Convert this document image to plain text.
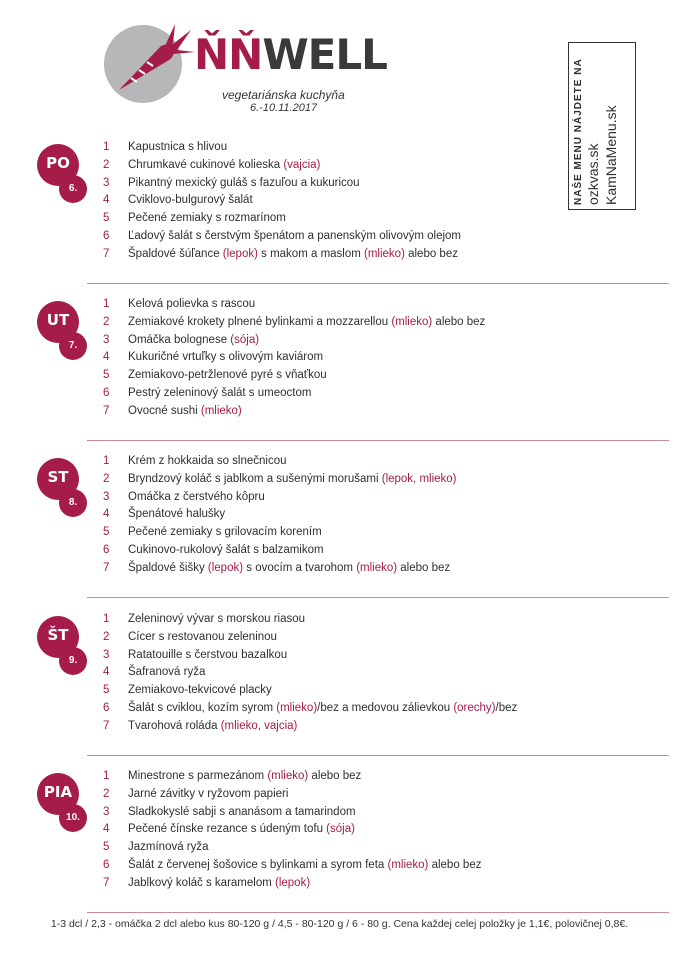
ŇŇWELL
vegetariánska kuchyňa
6.-10.11.2017	NAŠE MENU NÁJDETE NA ozkvas.sk KamNaMenu.sk
PO
6.
1 Kapustnica s hlivou
2 Chrumkavé cukinové kolieska (vajcia)
3 Pikantný mexický guláš s fazuľou a kukuricou
4 Cviklovo-bulgurový šalát
5 Pečené zemiaky s rozmarínom
6 Ľadový šalát s čerstvým špenátom a panenským olivovým olejom
7 Špaldové šúľance (lepok) s makom a maslom (mlieko) alebo bez
UT
7.
1 Kelová polievka s rascou
2 Zemiakové krokety plnené bylinkami a mozzarellou (mlieko) alebo bez
3 Omáčka bolognese (sója)
4 Kukuričné vrtuľky s olivovým kaviárom
5 Zemiakovo-petržlenové pyré s vňaťkou
6 Pestrý zeleninový šalát s umeoctom
7 Ovocné sushi (mlieko)
ST
8.
1 Krém z hokkaida so slnečnicou
2 Bryndzový koláč s jablkom a sušenými morušami (lepok, mlieko)
3 Omáčka z čerstvého kôpru
4 Špenátové halušky
5 Pečené zemiaky s grilovacím korením
6 Cukinovo-rukolový šalát s balzamikom
7 Špaldové šišky (lepok) s ovocím a tvarohom (mlieko) alebo bez
ŠT
9.
1 Zeleninový vývar s morskou riasou
2 Cícer s restovanou zeleninou
3 Ratatouille s čerstvou bazalkou
4 Šafranová ryža
5 Zemiakovo-tekvicové placky
6 Šalát s cviklou, kozím syrom (mlieko)/bez a medovou zálievkou (orechy)/bez
7 Tvarohová roláda (mlieko, vajcia)
PIA
10.
1 Minestrone s parmezánom (mlieko) alebo bez
2 Jarné závitky v ryžovom papieri
3 Sladkokyslé sabji s ananásom a tamarindom
4 Pečené čínske rezance s údeným tofu (sója)
5 Jazmínová ryža
6 Šalát z červenej šošovice s bylinkami a syrom feta (mlieko) alebo bez
7 Jablkový koláč s karamelom (lepok)
1-3 dcl / 2,3 - omáčka 2 dcl alebo kus 80-120 g / 4,5 - 80-120 g / 6 - 80 g. Cena každej celej položky je 1,1€, polovičnej 0,8€.
